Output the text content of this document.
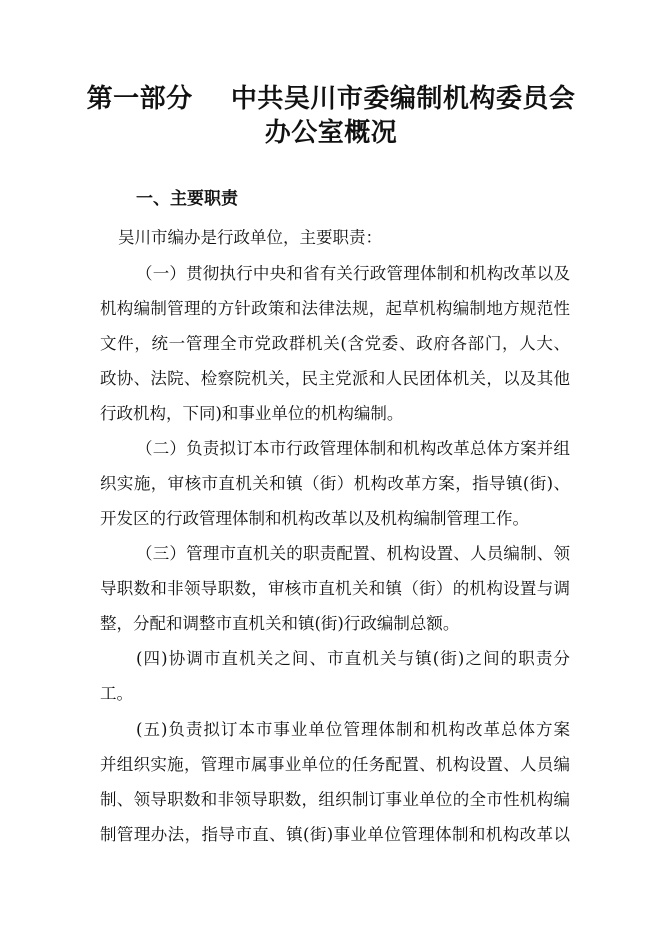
第一部分    中共吴川市委编制机构委员会
办公室概况
一、主要职责
吴川市编办是行政单位，主要职责：
（一）贯彻执行中央和省有关行政管理体制和机构改革以及
机构编制管理的方针政策和法律法规，起草机构编制地方规范性
文件，统一管理全市党政群机关(含党委、政府各部门，人大、
政协、法院、检察院机关，民主党派和人民团体机关，以及其他
行政机构，下同)和事业单位的机构编制。
（二）负责拟订本市行政管理体制和机构改革总体方案并组
织实施，审核市直机关和镇（街）机构改革方案，指导镇(街)、
开发区的行政管理体制和机构改革以及机构编制管理工作。
（三）管理市直机关的职责配置、机构设置、人员编制、领
导职数和非领导职数，审核市直机关和镇（街）的机构设置与调
整，分配和调整市直机关和镇(街)行政编制总额。
(四)协调市直机关之间、市直机关与镇(街)之间的职责分
工。
(五)负责拟订本市事业单位管理体制和机构改革总体方案
并组织实施，管理市属事业单位的任务配置、机构设置、人员编
制、领导职数和非领导职数，组织制订事业单位的全市性机构编
制管理办法，指导市直、镇(街)事业单位管理体制和机构改革以
